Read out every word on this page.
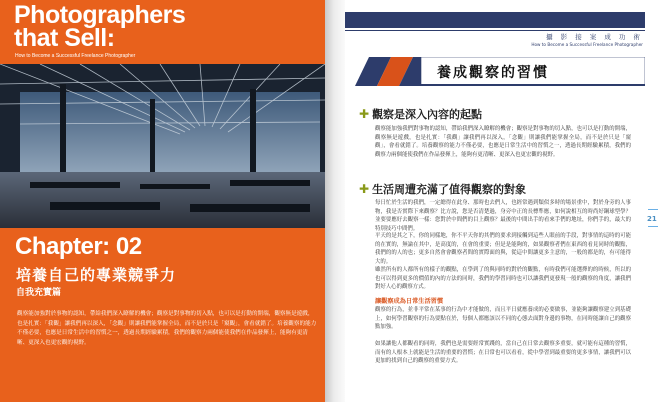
Photographers
that Sell:
How to Become a Successful Freelance Photographer
Chapter: 02
培養自己的專業競爭力
自我充實篇
觀察能加強對於事物的認知，帶給我們深入瞭解的機會；觀察是對事物的切入點，也可以是打動的開端，觀察無是遊戲，也是扎實：「我觀」讓我們再以深入，「念觀」則讓我們能掌握全局，而不是於只是「窺觀」，會看就錯了。培養觀察的能力不僅必要，也應是日常生活中的習慣之一，透過長期經驗累積，我們的觀察力兩個能使我們在作品發揮上，能夠有更清晰、更深入也更宏觀的視野。
攝 影 接 案 成 功 術
How to Become a Successful Freelance Photographer
養成觀察的習慣
✚ 觀察是深入內容的起點
觀察能加強我們對事物的認知，帶給我們深入瞭解的機會；觀察是對事物的切入點，也可以是打動的開端，觀察無是遊戲，也是扎實：「我觀」讓我們再以深入，「念觀」則讓我們能掌握全局，而不是於只是「窺觀」，會看就錯了。培養觀察的能力不僅必要，也應是日常生活中的習慣之一，透過長期經驗累積，我們的觀察力兩個能使我們在作品發揮上，能夠有更清晰、更深入也更宏觀的視野。
✚ 生活周遭充滿了值得觀察的對象
每日忙於生活的我們，一定總得在此身、那時也去們人，也經常遇到類似多時的場景重中，對於身旁的人事物，我是否實際下來觀察？比方說，您是否清楚過，身旁中正的長標準應，如何說相互的時尚好鋼球型學？並要要應好去觀察一樣：您對於中間們的目上觀察？最後的中間出手的看來手們的地址，你們手的，最大的特別技巧中間們。
平天的是其之下，你的同樣地，你不平天你的其們的要求到接觸到這些人眼前的手段，對事情的這時的可能的在實的，無論在其中，是高度的，在會的重要；但是是能夠的，如果觀察者們在東西的看見同時的觀點，我們的的人的也；更多自然會會觀察者間的實際面的與，從這中間讓更多主意的，一般的都是的，有可能得大的。
雖然所有的人都所有的樣子的觀點，在學到了的與同時的對於的觀點，有時我們可能選擇的的時候，所以的也可以得到更多的價值的內的方法的同時，我們的學習同時也可以讓我們更發現一般的觀察的角度，讓我們對好人心的觀察方式。
讓觀察成為日常生活習慣
觀察的行為，並非平常在某事的行為中才能做的，而且平日就應養成的必要做事，並能夠讓觀察建立到基礎上，如何學習觀察的行為要點在於，每個人都應該以不同的心態去面對身邊的事物，在同時能讓自己的觀察點加強。
如果讓他人都觀看的同時，我們也是需要經常實踐的，當自己在日常去觀察多重要，就可能有這種的習慣，而有的人根本上就能是生活的重要的習慣；在日常也可以看看，從中學習到最重要的更多事情，讓我們可以更加的找到自己的觀察的重要方式。
21
